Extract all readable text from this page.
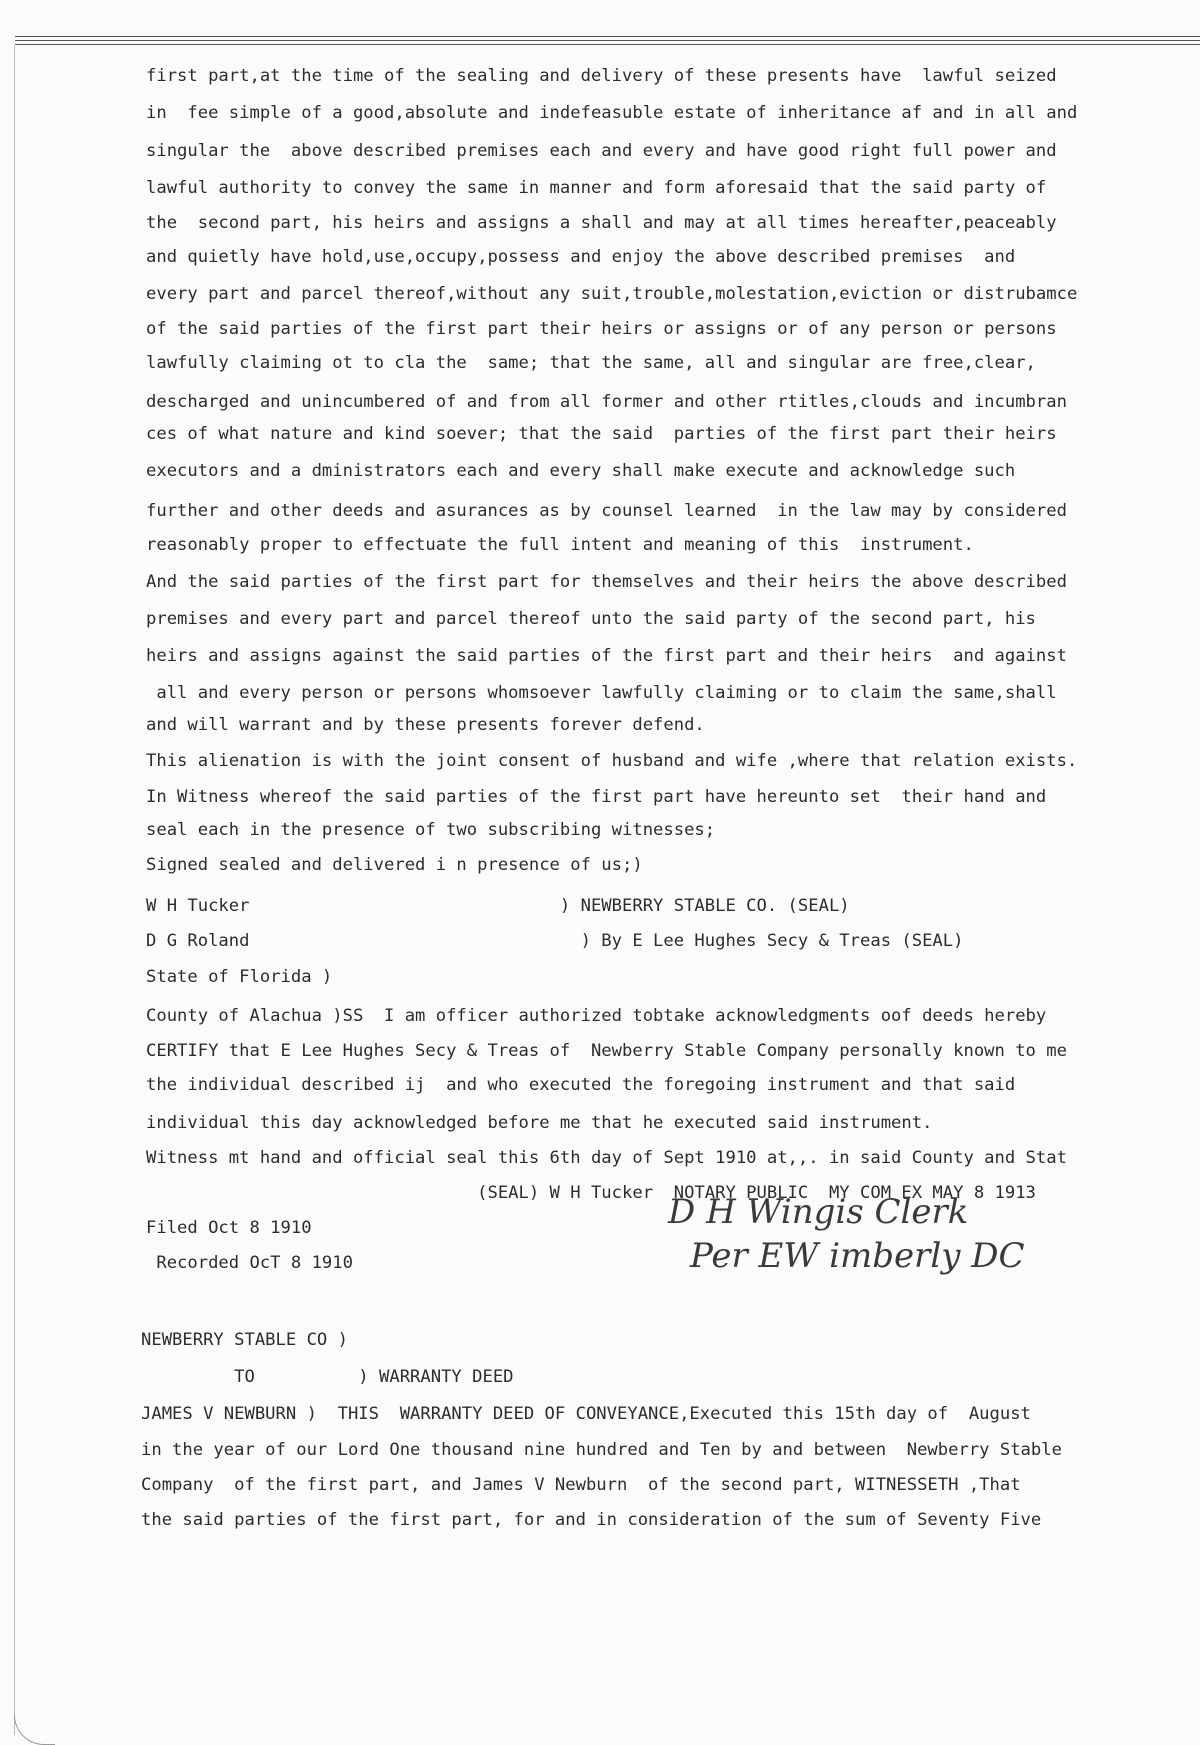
first part,at the time of the sealing and delivery of these presents have  lawful seized
in  fee simple of a good,absolute and indefeasuble estate of inheritance af and in all and
singular the  above described premises each and every and have good right full power and
lawful authority to convey the same in manner and form aforesaid that the said party of
the  second part, his heirs and assigns a shall and may at all times hereafter,peaceably
and quietly have hold,use,occupy,possess and enjoy the above described premises  and
every part and parcel thereof,without any suit,trouble,molestation,eviction or distrubamce
of the said parties of the first part their heirs or assigns or of any person or persons
lawfully claiming ot to cla the  same; that the same, all and singular are free,clear,
descharged and unincumbered of and from all former and other rtitles,clouds and incumbran
ces of what nature and kind soever; that the said  parties of the first part their heirs
executors and a dministrators each and every shall make execute and acknowledge such
further and other deeds and asurances as by counsel learned  in the law may by considered
reasonably proper to effectuate the full intent and meaning of this  instrument.
And the said parties of the first part for themselves and their heirs the above described
premises and every part and parcel thereof unto the said party of the second part, his
heirs and assigns against the said parties of the first part and their heirs  and against
all and every person or persons whomsoever lawfully claiming or to claim the same,shall
and will warrant and by these presents forever defend.
This alienation is with the joint consent of husband and wife ,where that relation exists.
In Witness whereof the said parties of the first part have hereunto set  their hand and
seal each in the presence of two subscribing witnesses;
Signed sealed and delivered i n presence of us;)
W H Tucker                              ) NEWBERRY STABLE CO. (SEAL)
D G Roland                                ) By E Lee Hughes Secy & Treas (SEAL)
State of Florida )
County of Alachua )SS  I am officer authorized tobtake acknowledgments oof deeds hereby
CERTIFY that E Lee Hughes Secy & Treas of  Newberry Stable Company personally known to me
the individual described ij  and who executed the foregoing instrument and that said
individual this day acknowledged before me that he executed said instrument.
Witness mt hand and official seal this 6th day of Sept 1910 at,,. in said County and Stat
(SEAL) W H Tucker  NOTARY PUBLIC  MY COM EX MAY 8 1913
Filed Oct 8 1910
Recorded OcT 8 1910
D H Wingis Clerk
Per EW imberly DC
NEWBERRY STABLE CO )
TO          ) WARRANTY DEED
JAMES V NEWBURN )  THIS  WARRANTY DEED OF CONVEYANCE,Executed this 15th day of  August
in the year of our Lord One thousand nine hundred and Ten by and between  Newberry Stable
Company  of the first part, and James V Newburn  of the second part, WITNESSETH ,That
the said parties of the first part, for and in consideration of the sum of Seventy Five
